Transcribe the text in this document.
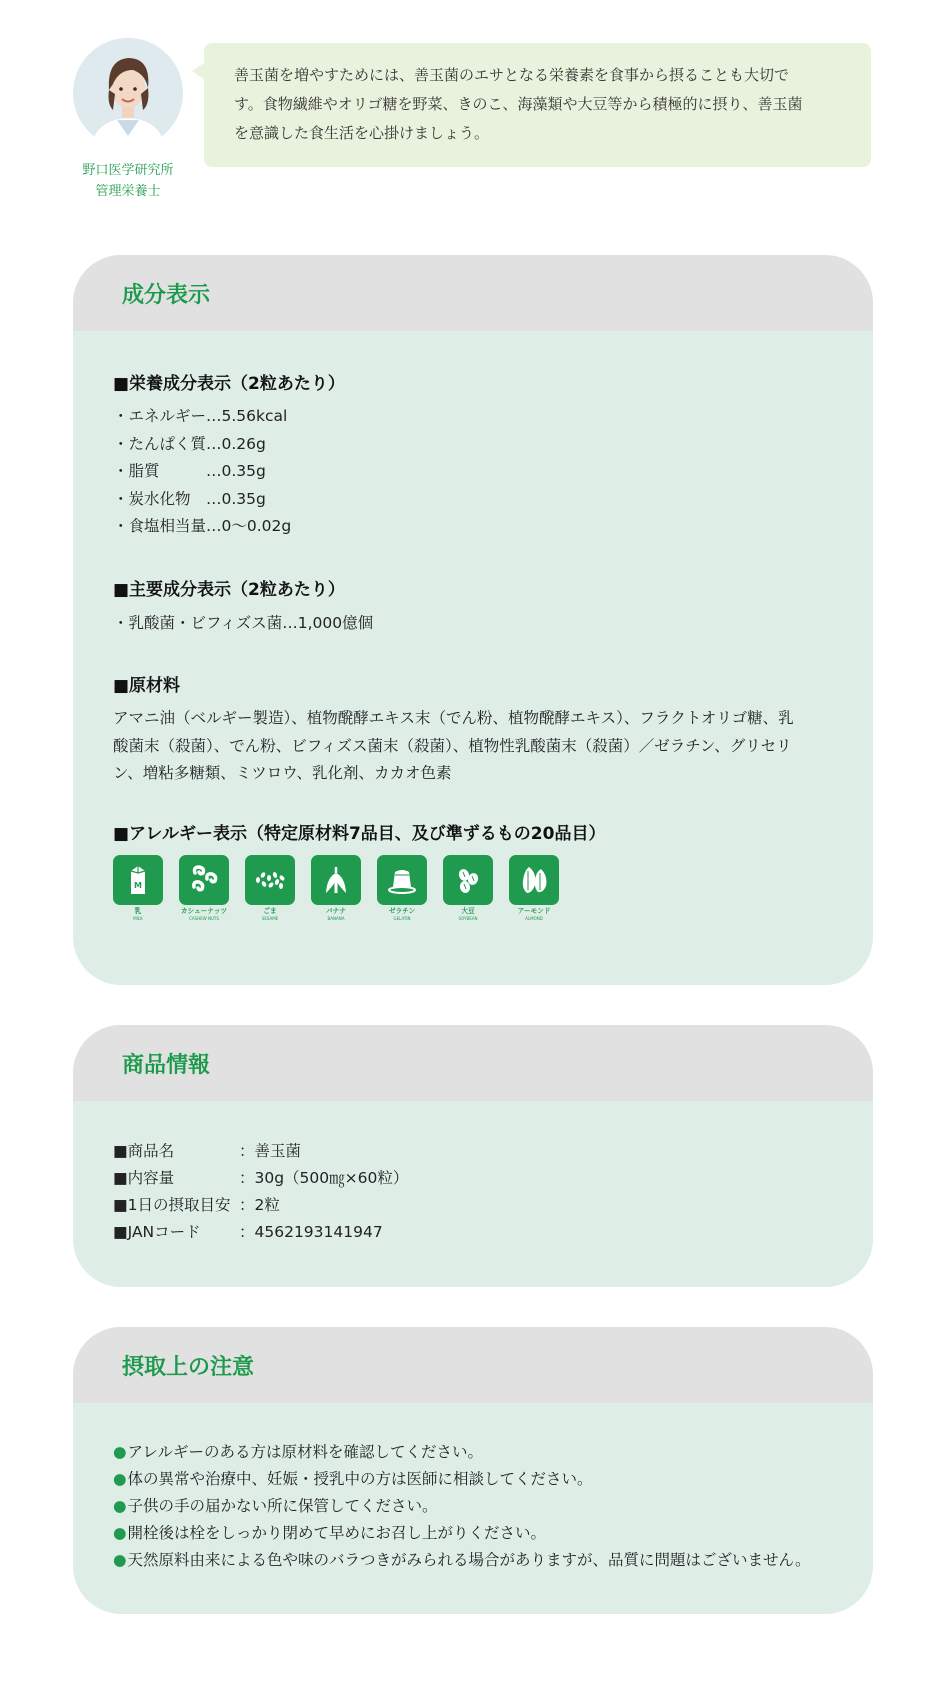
野口医学研究所
管理栄養士
善玉菌を増やすためには、善玉菌のエサとなる栄養素を食事から摂ることも大切で
す。食物繊維やオリゴ糖を野菜、きのこ、海藻類や大豆等から積極的に摂り、善玉菌
を意識した食生活を心掛けましょう。
成分表示
■栄養成分表示（2粒あたり）
・エネルギー…5.56kcal
・たんぱく質…0.26g
・脂質　　　…0.35g
・炭水化物　…0.35g
・食塩相当量…0～0.02g
■主要成分表示（2粒あたり）
・乳酸菌・ビフィズス菌…1,000億個
■原材料
アマニ油（ベルギー製造）、植物醗酵エキス末（でん粉、植物醗酵エキス）、フラクトオリゴ糖、乳
酸菌末（殺菌）、でん粉、ビフィズス菌末（殺菌）、植物性乳酸菌末（殺菌）／ゼラチン、グリセリ
ン、増粘多糖類、ミツロウ、乳化剤、カカオ色素
■アレルギー表示（特定原材料7品目、及び準ずるもの20品目）
M
乳
MILK
カシューナッツ
CASHEW NUTS
ごま
SESAME
バナナ
BANANA
ゼラチン
GELATIN
大豆
SOYBEAN
アーモンド
ALMOND
商品情報
■商品名	：善玉菌
■内容量	：30g（500㎎×60粒）
■1日の摂取目安 ：2粒
■JANコード	：4562193141947
摂取上の注意
● アレルギーのある方は原材料を確認してください。
● 体の異常や治療中、妊娠・授乳中の方は医師に相談してください。
● 子供の手の届かない所に保管してください。
● 開栓後は栓をしっかり閉めて早めにお召し上がりください。
● 天然原料由来による色や味のバラつきがみられる場合がありますが、品質に問題はございません。
